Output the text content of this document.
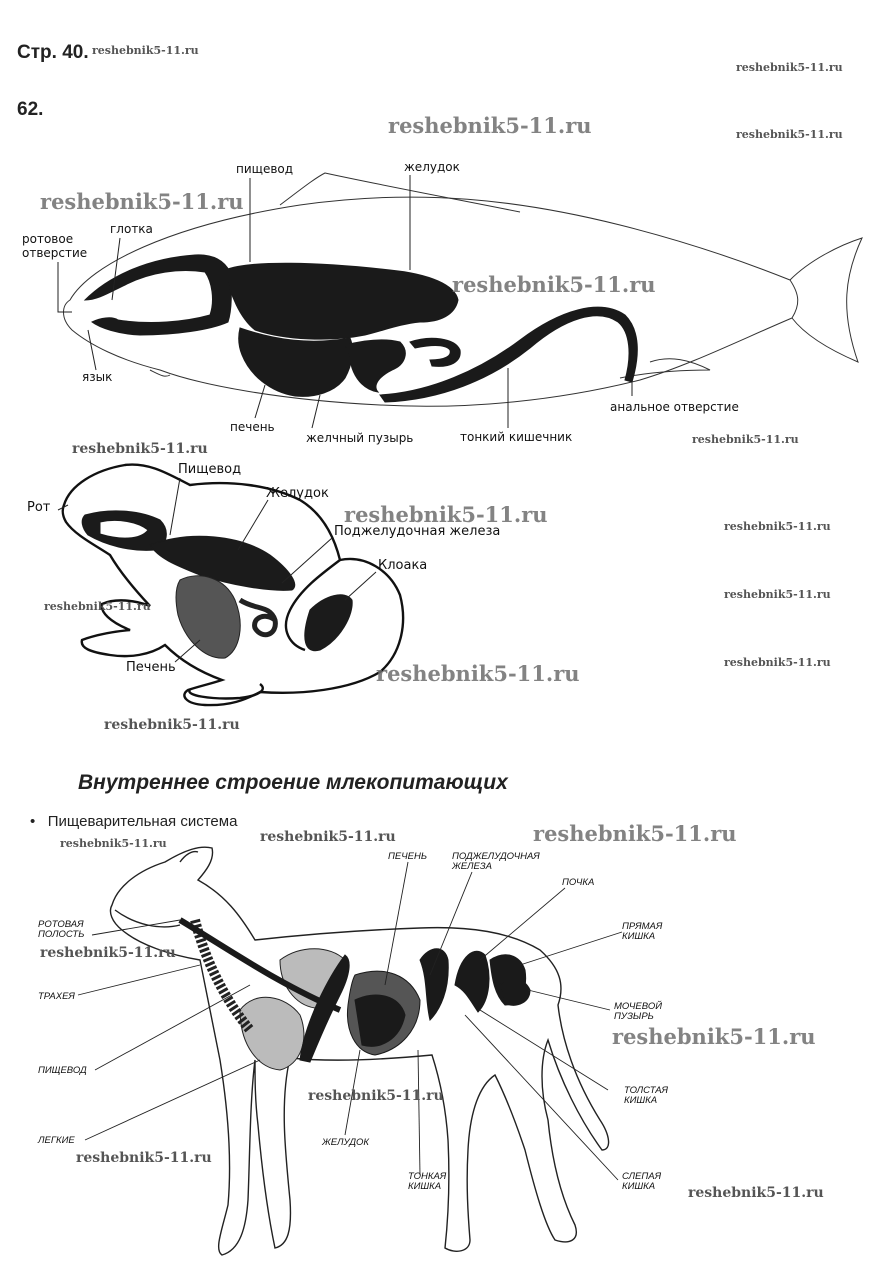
Стр. 40.
62.
пищевод	желудок
глотка
ротовое
отверстие
язык
печень
желчный пузырь	тонкий кишечник
анальное отверстие
Рот
Пищевод
Желудок
Поджелудочная железа
Клоака
Печень
Внутреннее строение млекопитающих
•   Пищеварительная система
РОТОВАЯ
ПОЛОСТЬ
ТРАХЕЯ
ПИЩЕВОД
ЛЕГКИЕ
ПЕЧЕНЬ	ПОДЖЕЛУДОЧНАЯ
ЖЕЛЕЗА
ПОЧКА
ПРЯМАЯ
КИШКА
МОЧЕВОЙ
ПУЗЫРЬ
ТОЛСТАЯ
КИШКА
СЛЕПАЯ
КИШКА
ТОНКАЯ
КИШКА
ЖЕЛУДОК
reshebnik5-11.ru
reshebnik5-11.ru
reshebnik5-11.ru	reshebnik5-11.ru
reshebnik5-11.ru
reshebnik5-11.ru
reshebnik5-11.ru
reshebnik5-11.ru
reshebnik5-11.ru	reshebnik5-11.ru
reshebnik5-11.ru
reshebnik5-11.ru
reshebnik5-11.ru
reshebnik5-11.ru
reshebnik5-11.ru
reshebnik5-11.ru	reshebnik5-11.ru
reshebnik5-11.ru
reshebnik5-11.ru
reshebnik5-11.ru
reshebnik5-11.ru
reshebnik5-11.ru
reshebnik5-11.ru
